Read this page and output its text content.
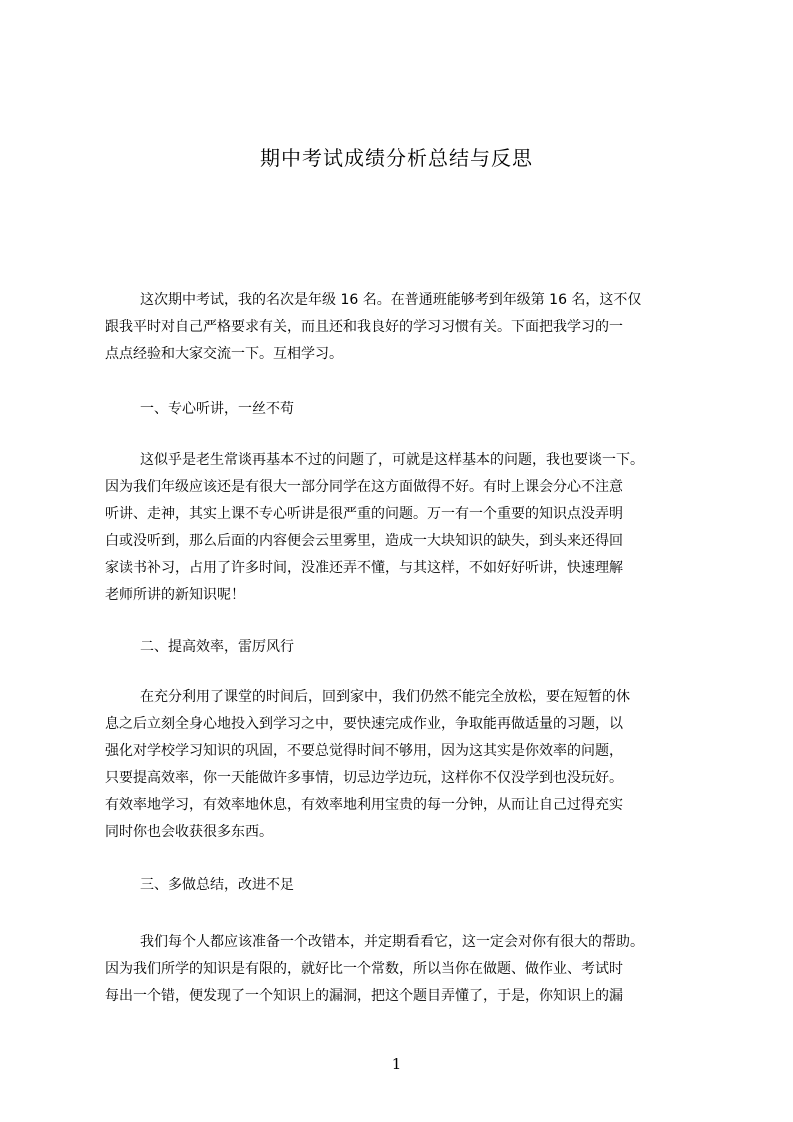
期中考试成绩分析总结与反思
这次期中考试，我的名次是年级 16 名。在普通班能够考到年级第 16 名，这不仅
跟我平时对自己严格要求有关，而且还和我良好的学习习惯有关。下面把我学习的一
点点经验和大家交流一下。互相学习。
一、专心听讲，一丝不苟
这似乎是老生常谈再基本不过的问题了，可就是这样基本的问题，我也要谈一下。
因为我们年级应该还是有很大一部分同学在这方面做得不好。有时上课会分心不注意
听讲、走神，其实上课不专心听讲是很严重的问题。万一有一个重要的知识点没弄明
白或没听到，那么后面的内容便会云里雾里，造成一大块知识的缺失，到头来还得回
家读书补习，占用了许多时间，没准还弄不懂，与其这样，不如好好听讲，快速理解
老师所讲的新知识呢！
二、提高效率，雷厉风行
在充分利用了课堂的时间后，回到家中，我们仍然不能完全放松，要在短暂的休
息之后立刻全身心地投入到学习之中，要快速完成作业，争取能再做适量的习题，以
强化对学校学习知识的巩固，不要总觉得时间不够用，因为这其实是你效率的问题，
只要提高效率，你一天能做许多事情，切忌边学边玩，这样你不仅没学到也没玩好。
有效率地学习，有效率地休息，有效率地利用宝贵的每一分钟，从而让自己过得充实
同时你也会收获很多东西。
三、多做总结，改进不足
我们每个人都应该准备一个改错本，并定期看看它，这一定会对你有很大的帮助。
因为我们所学的知识是有限的，就好比一个常数，所以当你在做题、做作业、考试时
每出一个错，便发现了一个知识上的漏洞，把这个题目弄懂了，于是，你知识上的漏
1
